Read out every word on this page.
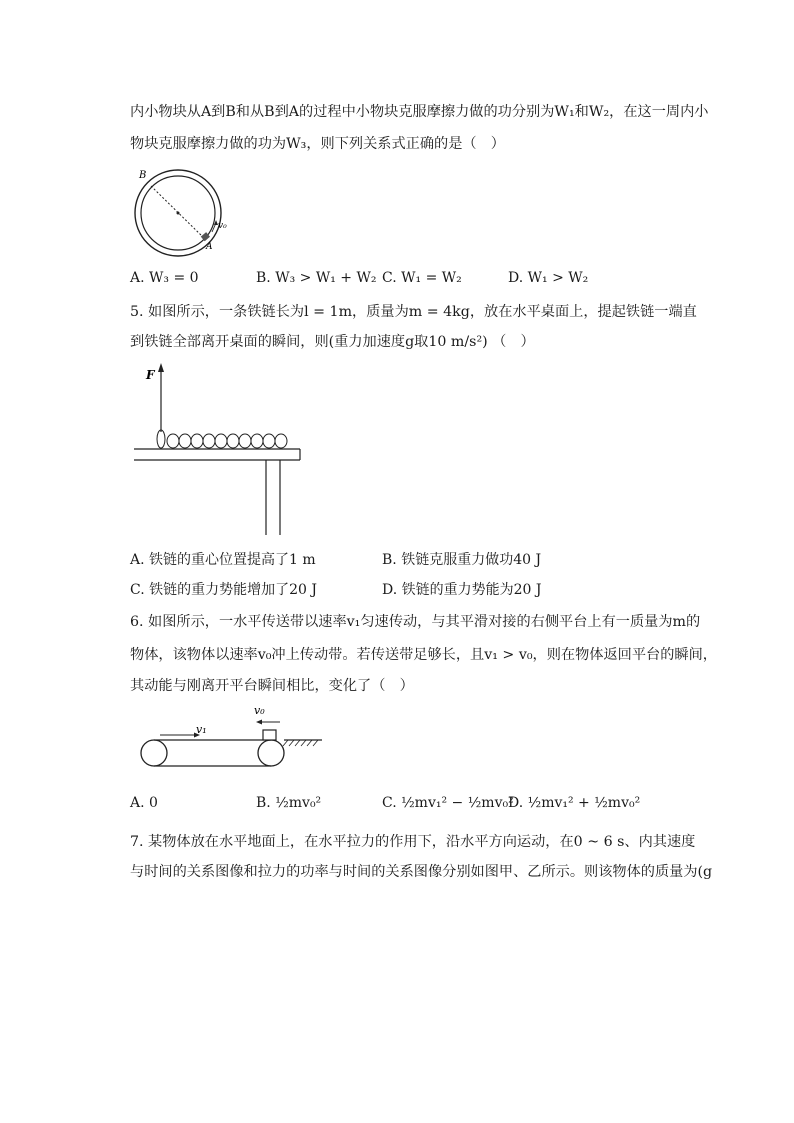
内小物块从A到B和从B到A的过程中小物块克服摩擦力做的功分别为W₁和W₂，在这一周内小
物块克服摩擦力做的功为W₃，则下列关系式正确的是（　）
B
A
v₀
A. W₃ = 0	B. W₃ > W₁ + W₂ C. W₁ = W₂	D. W₁ > W₂
5. 如图所示，一条铁链长为l = 1m，质量为m = 4kg，放在水平桌面上，提起铁链一端直
到铁链全部离开桌面的瞬间，则(重力加速度g取10 m/s²) （　）
F
A. 铁链的重心位置提高了1 m	B. 铁链克服重力做功40 J
C. 铁链的重力势能增加了20 J	D. 铁链的重力势能为20 J
6. 如图所示，一水平传送带以速率v₁匀速传动，与其平滑对接的右侧平台上有一质量为m的
物体，该物体以速率v₀冲上传动带。若传送带足够长，且v₁ > v₀，则在物体返回平台的瞬间，
其动能与刚离开平台瞬间相比，变化了（　）
v₁
v₀
A. 0	B. ½mv₀²	C. ½mv₁² − ½mv₀²
D. ½mv₁² + ½mv₀²
7. 某物体放在水平地面上，在水平拉力的作用下，沿水平方向运动，在0 ~ 6 s、内其速度
与时间的关系图像和拉力的功率与时间的关系图像分别如图甲、乙所示。则该物体的质量为(g
